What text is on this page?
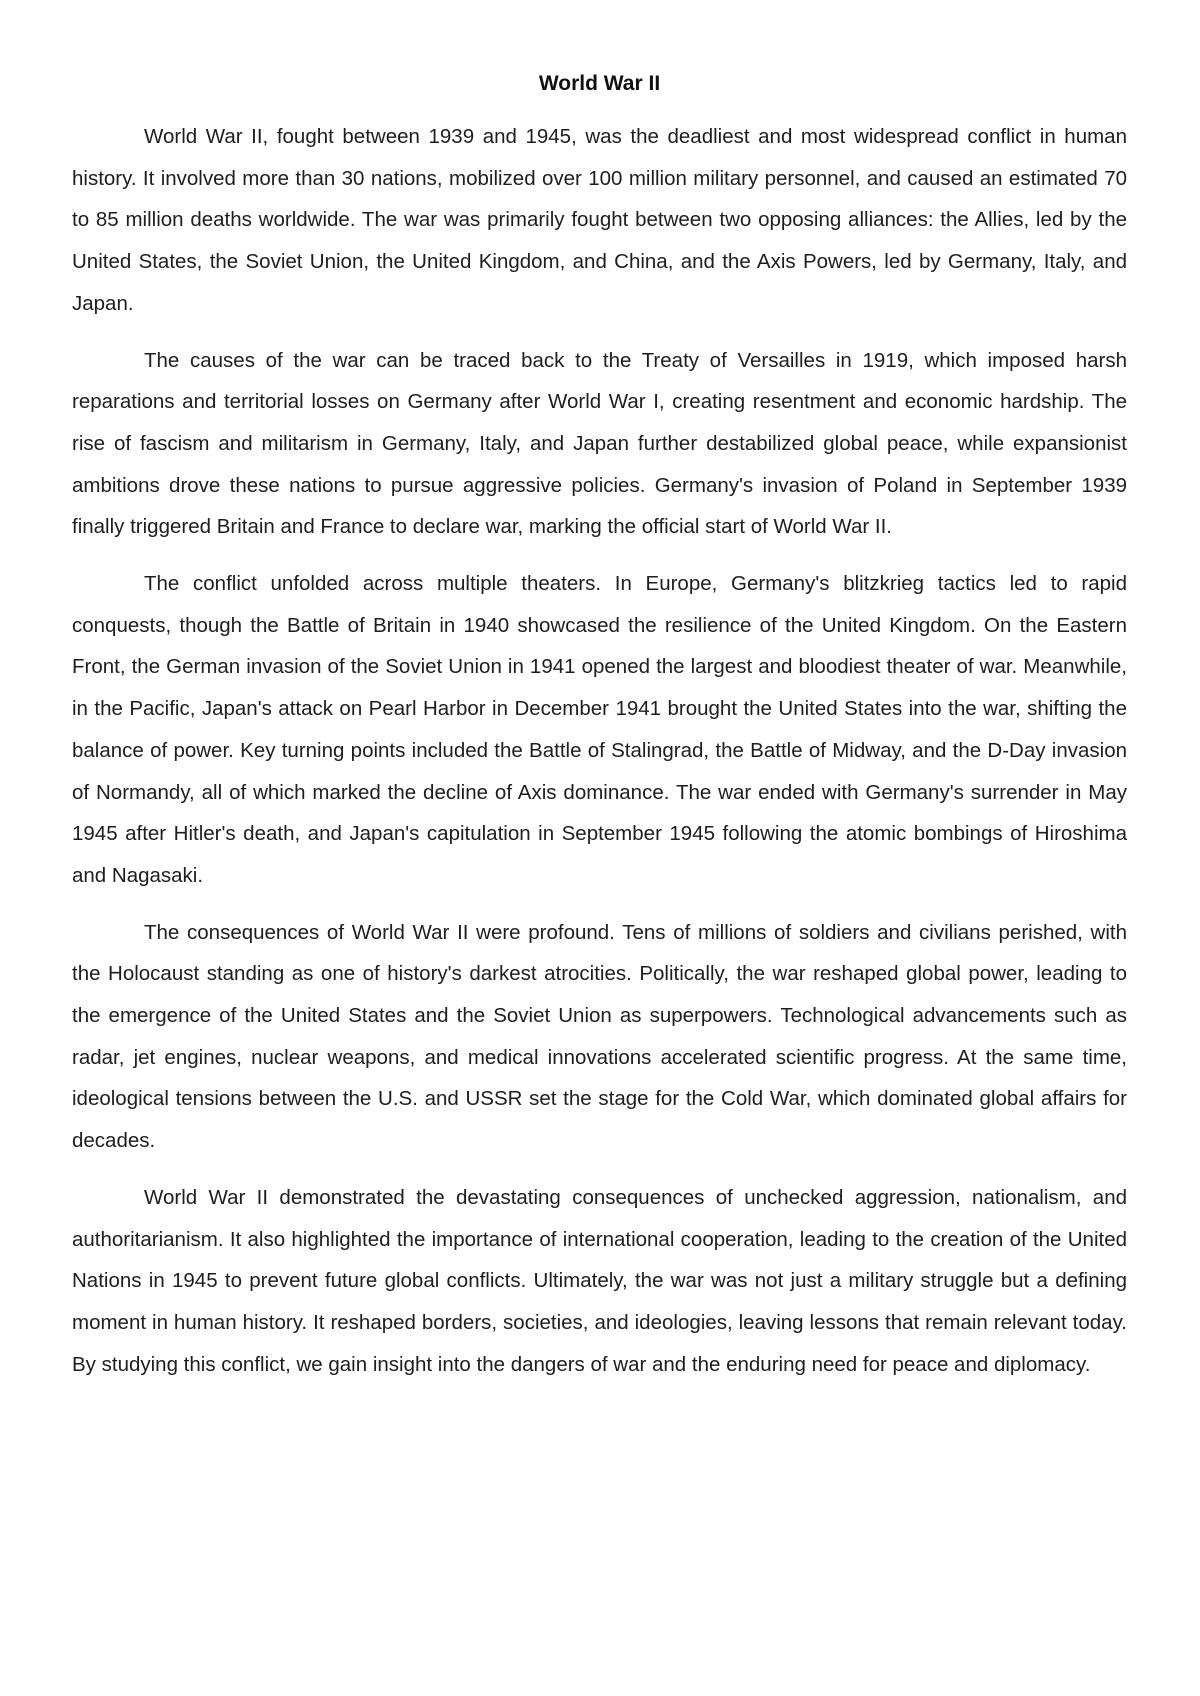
World War II

World War II, fought between 1939 and 1945, was the deadliest and most widespread conflict in human history. It involved more than 30 nations, mobilized over 100 million military personnel, and caused an estimated 70 to 85 million deaths worldwide. The war was primarily fought between two opposing alliances: the Allies, led by the United States, the Soviet Union, the United Kingdom, and China, and the Axis Powers, led by Germany, Italy, and Japan.

The causes of the war can be traced back to the Treaty of Versailles in 1919, which imposed harsh reparations and territorial losses on Germany after World War I, creating resentment and economic hardship. The rise of fascism and militarism in Germany, Italy, and Japan further destabilized global peace, while expansionist ambitions drove these nations to pursue aggressive policies. Germany's invasion of Poland in September 1939 finally triggered Britain and France to declare war, marking the official start of World War II.

The conflict unfolded across multiple theaters. In Europe, Germany's blitzkrieg tactics led to rapid conquests, though the Battle of Britain in 1940 showcased the resilience of the United Kingdom. On the Eastern Front, the German invasion of the Soviet Union in 1941 opened the largest and bloodiest theater of war. Meanwhile, in the Pacific, Japan's attack on Pearl Harbor in December 1941 brought the United States into the war, shifting the balance of power. Key turning points included the Battle of Stalingrad, the Battle of Midway, and the D-Day invasion of Normandy, all of which marked the decline of Axis dominance. The war ended with Germany's surrender in May 1945 after Hitler's death, and Japan's capitulation in September 1945 following the atomic bombings of Hiroshima and Nagasaki.

The consequences of World War II were profound. Tens of millions of soldiers and civilians perished, with the Holocaust standing as one of history's darkest atrocities. Politically, the war reshaped global power, leading to the emergence of the United States and the Soviet Union as superpowers. Technological advancements such as radar, jet engines, nuclear weapons, and medical innovations accelerated scientific progress. At the same time, ideological tensions between the U.S. and USSR set the stage for the Cold War, which dominated global affairs for decades.

World War II demonstrated the devastating consequences of unchecked aggression, nationalism, and authoritarianism. It also highlighted the importance of international cooperation, leading to the creation of the United Nations in 1945 to prevent future global conflicts. Ultimately, the war was not just a military struggle but a defining moment in human history. It reshaped borders, societies, and ideologies, leaving lessons that remain relevant today. By studying this conflict, we gain insight into the dangers of war and the enduring need for peace and diplomacy.
